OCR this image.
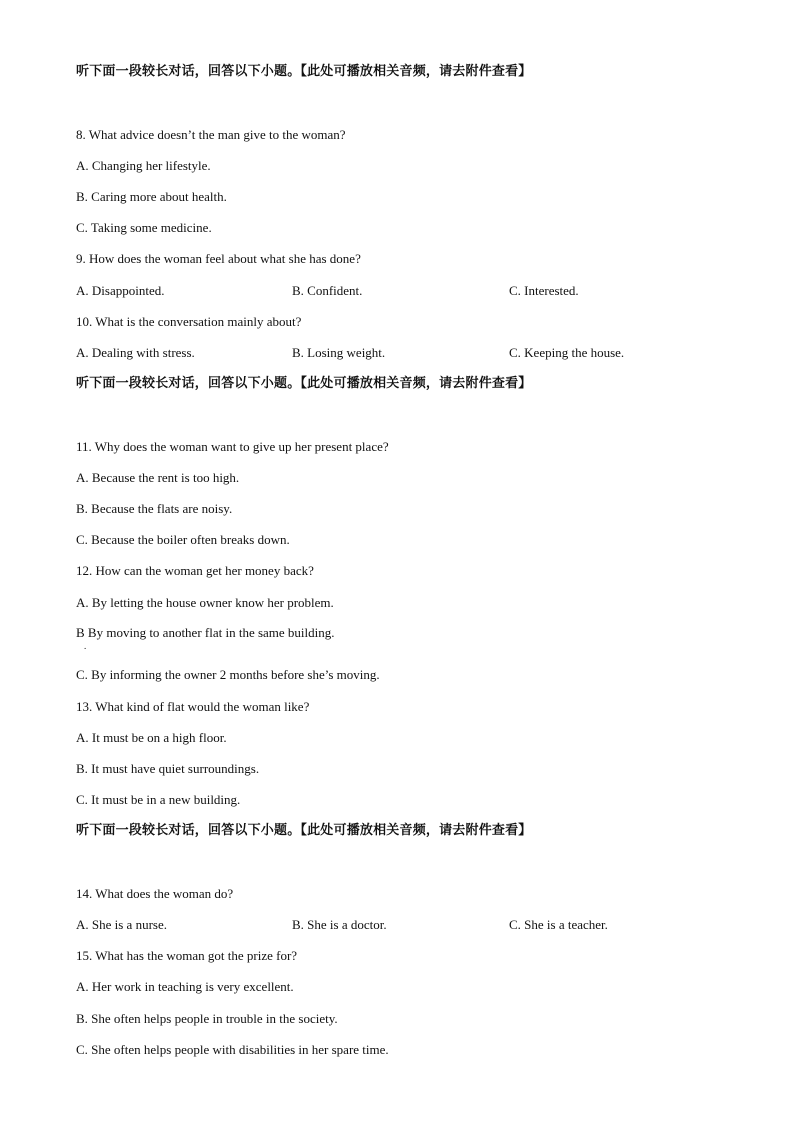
听下面一段较长对话，回答以下小题。【此处可播放相关音频，请去附件查看】
8. What advice doesn’t the man give to the woman?
A. Changing her lifestyle.
B. Caring more about health.
C. Taking some medicine.
9. How does the woman feel about what she has done?
A. Disappointed.	B. Confident.	C. Interested.
10. What is the conversation mainly about?
A. Dealing with stress.	B. Losing weight.	C. Keeping the house.
听下面一段较长对话，回答以下小题。【此处可播放相关音频，请去附件查看】
11. Why does the woman want to give up her present place?
A. Because the rent is too high.
B. Because the flats are noisy.
C. Because the boiler often breaks down.
12. How can the woman get her money back?
A. By letting the house owner know her problem.
B By moving to another flat in the same building.
.
C. By informing the owner 2 months before she’s moving.
13. What kind of flat would the woman like?
A. It must be on a high floor.
B. It must have quiet surroundings.
C. It must be in a new building.
听下面一段较长对话，回答以下小题。【此处可播放相关音频，请去附件查看】
14. What does the woman do?
A. She is a nurse.	B. She is a doctor.	C. She is a teacher.
15. What has the woman got the prize for?
A. Her work in teaching is very excellent.
B. She often helps people in trouble in the society.
C. She often helps people with disabilities in her spare time.
